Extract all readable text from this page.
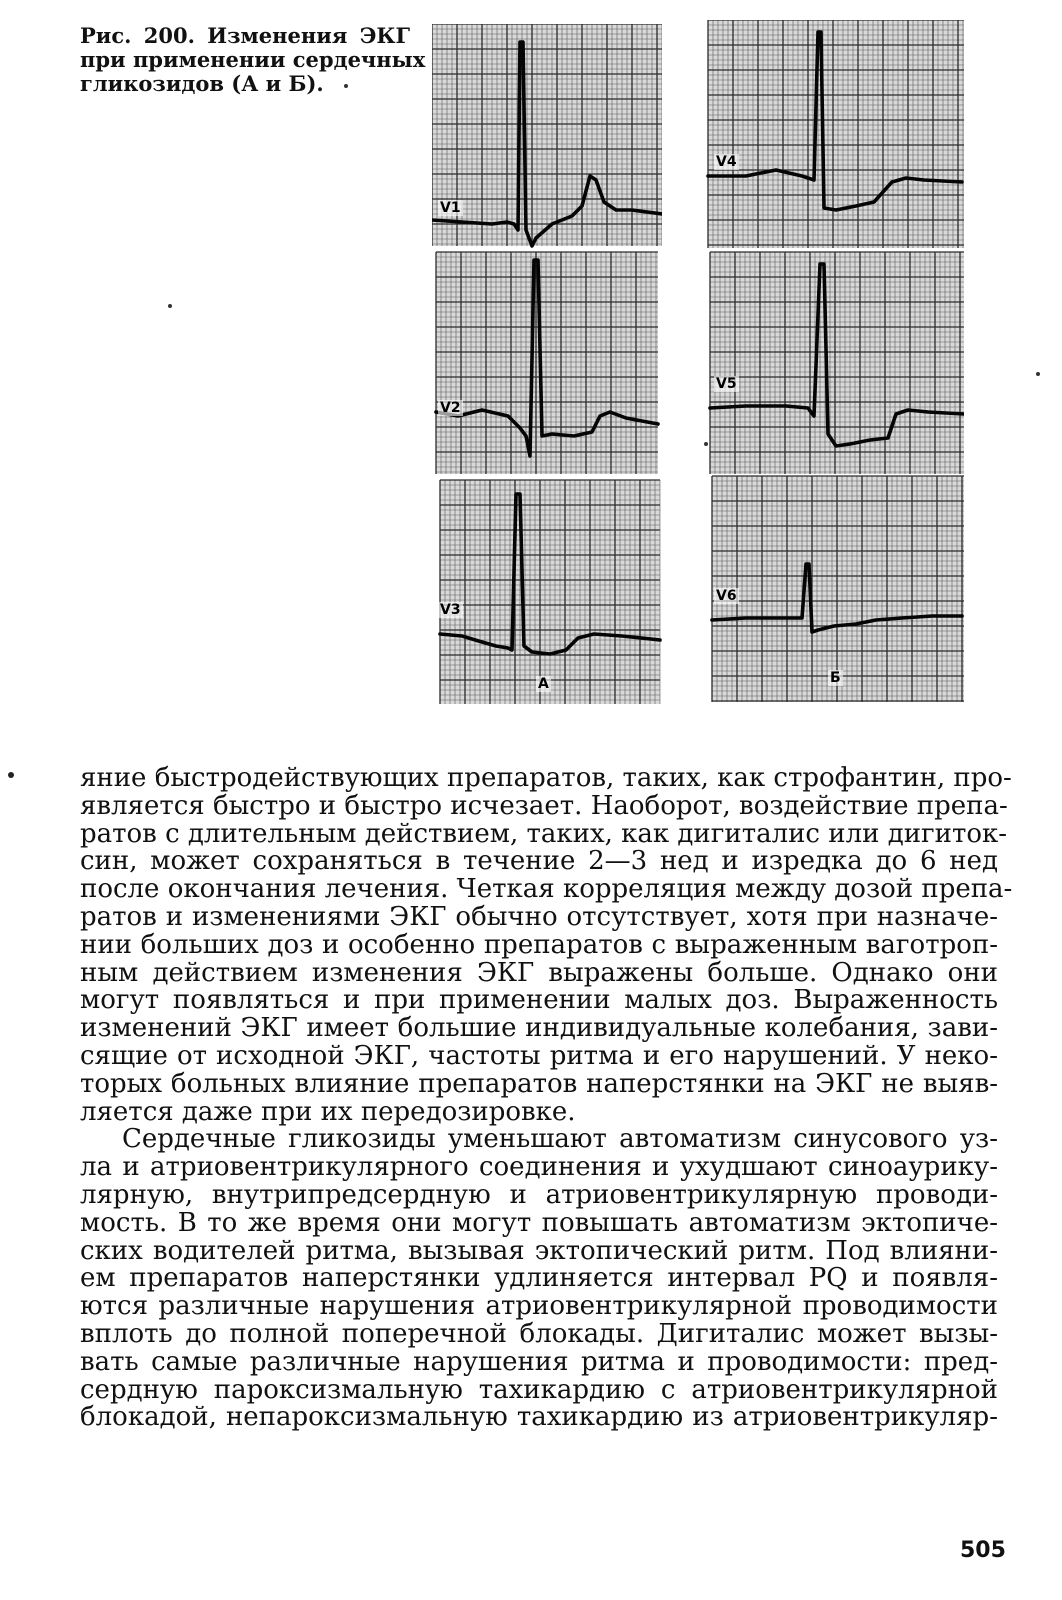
Рис. 200. Изменения ЭКГ
при применении сердечных
гликозидов (А и Б).
V1
V2
V3
А
V4
V5
V6
Б
яние быстродействующих препаратов, таких, как строфантин, про-
является быстро и быстро исчезает. Наоборот, воздействие препа-
ратов с длительным действием, таких, как дигиталис или дигиток-
син, может сохраняться в течение 2—3 нед и изредка до 6 нед
после окончания лечения. Четкая корреляция между дозой препа-
ратов и изменениями ЭКГ обычно отсутствует, хотя при назначе-
нии больших доз и особенно препаратов с выраженным ваготроп-
ным действием изменения ЭКГ выражены больше. Однако они
могут появляться и при применении малых доз. Выраженность
изменений ЭКГ имеет большие индивидуальные колебания, зави-
сящие от исходной ЭКГ, частоты ритма и его нарушений. У неко-
торых больных влияние препаратов наперстянки на ЭКГ не выяв-
ляется даже при их передозировке.
Сердечные гликозиды уменьшают автоматизм синусового уз-
ла и атриовентрикулярного соединения и ухудшают синоаурику-
лярную, внутрипредсердную и атриовентрикулярную проводи-
мость. В то же время они могут повышать автоматизм эктопиче-
ских водителей ритма, вызывая эктопический ритм. Под влияни-
ем препаратов наперстянки удлиняется интервал PQ и появля-
ются различные нарушения атриовентрикулярной проводимости
вплоть до полной поперечной блокады. Дигиталис может вызы-
вать самые различные нарушения ритма и проводимости: пред-
сердную пароксизмальную тахикардию с атриовентрикулярной
блокадой, непароксизмальную тахикардию из атриовентрикуляр-
505
